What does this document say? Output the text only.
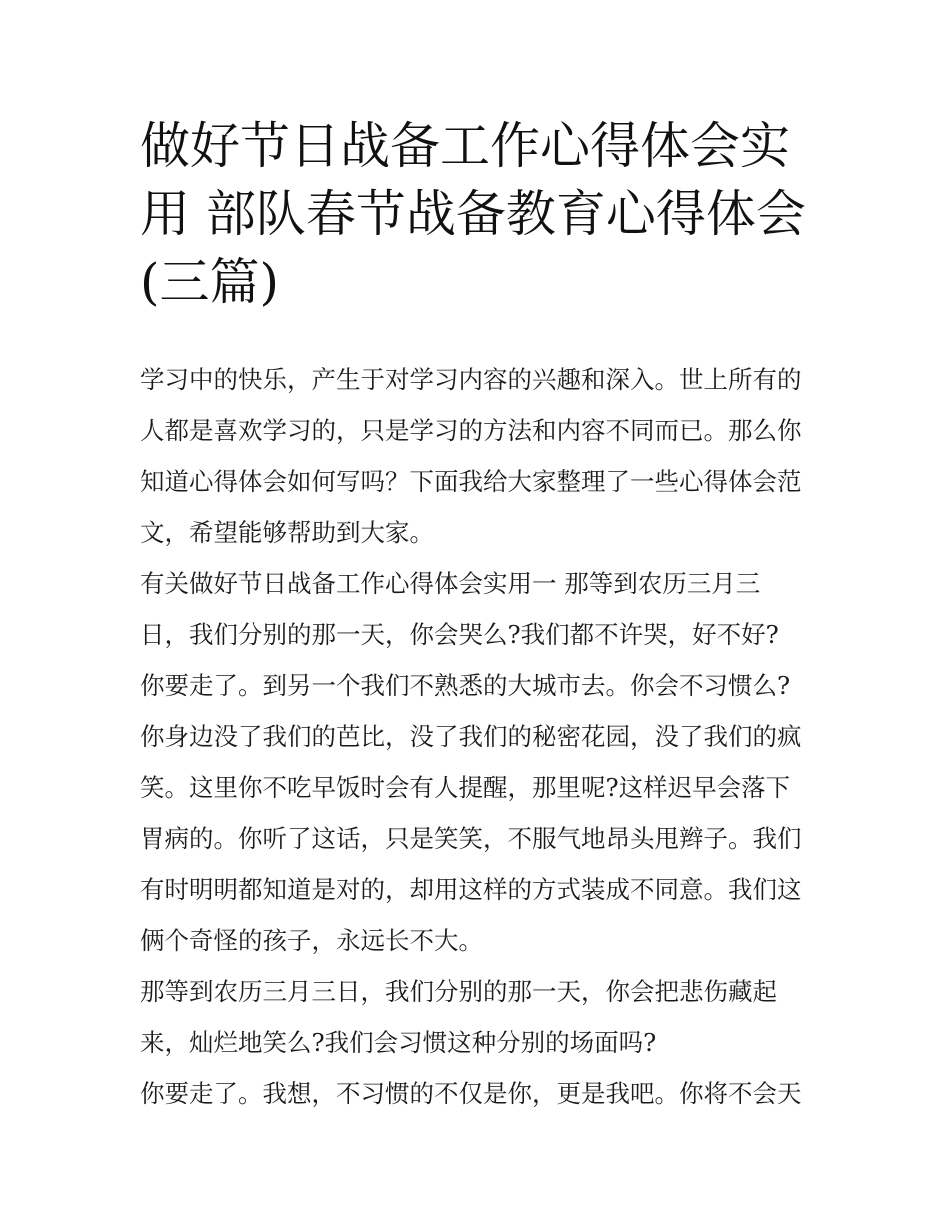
做好节日战备工作心得体会实
用 部队春节战备教育心得体会
(三篇)

学习中的快乐，产生于对学习内容的兴趣和深入。世上所有的
人都是喜欢学习的，只是学习的方法和内容不同而已。那么你
知道心得体会如何写吗？下面我给大家整理了一些心得体会范
文，希望能够帮助到大家。

有关做好节日战备工作心得体会实用一 那等到农历三月三
日，我们分别的那一天，你会哭么?我们都不许哭，好不好?
你要走了。到另一个我们不熟悉的大城市去。你会不习惯么?
你身边没了我们的芭比，没了我们的秘密花园，没了我们的疯
笑。这里你不吃早饭时会有人提醒，那里呢?这样迟早会落下
胃病的。你听了这话，只是笑笑，不服气地昂头甩辫子。我们
有时明明都知道是对的，却用这样的方式装成不同意。我们这
俩个奇怪的孩子，永远长不大。

那等到农历三月三日，我们分别的那一天，你会把悲伤藏起
来，灿烂地笑么?我们会习惯这种分别的场面吗?

你要走了。我想，不习惯的不仅是你，更是我吧。你将不会天
